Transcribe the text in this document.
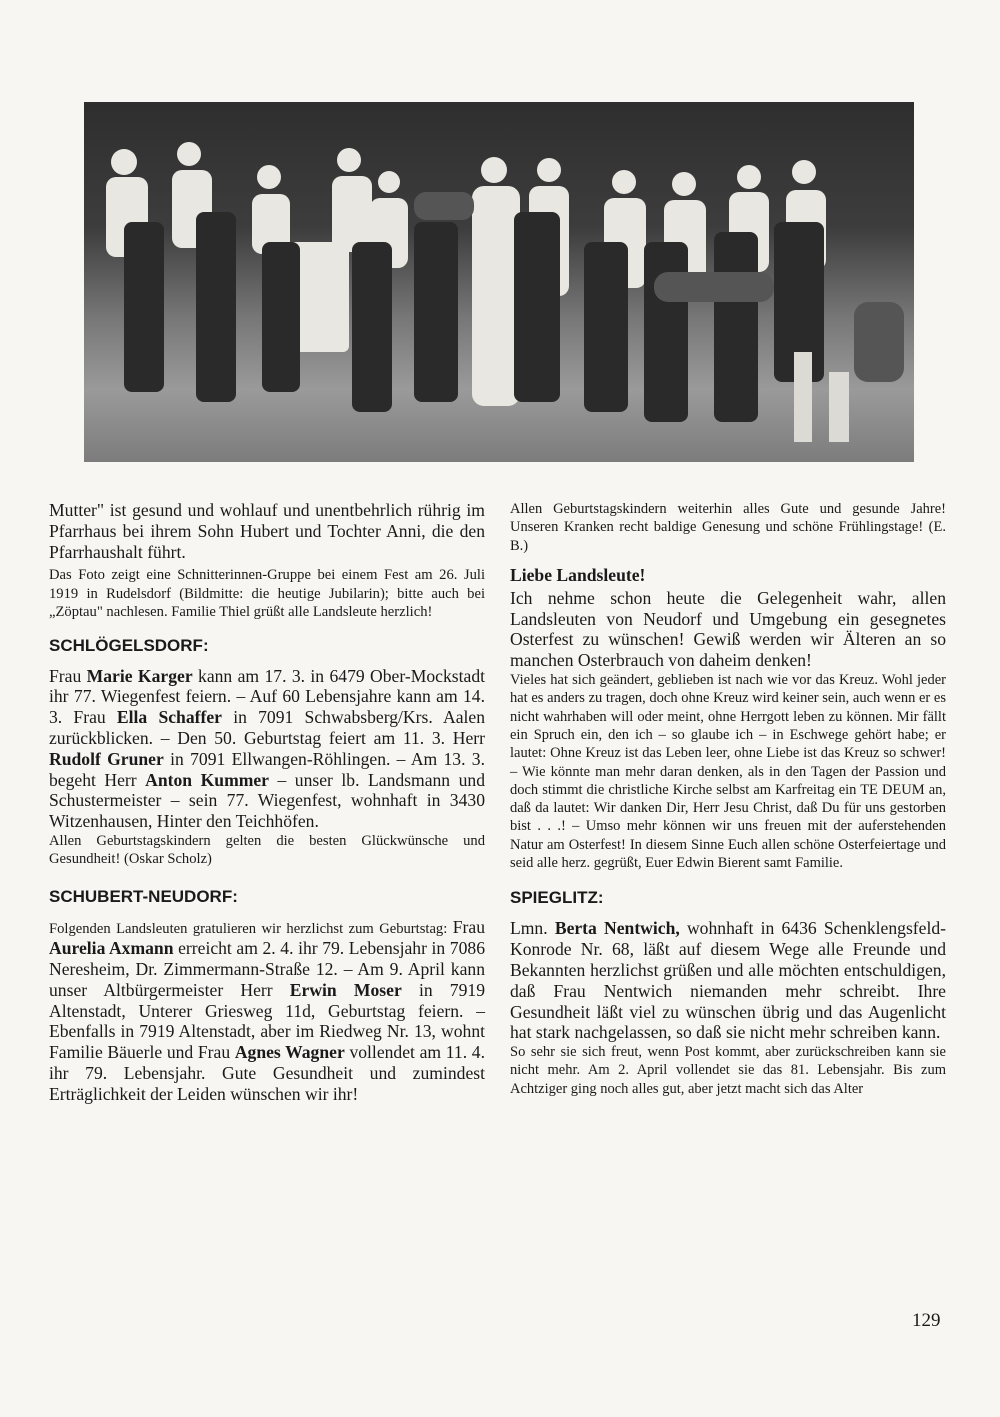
Mutter" ist gesund und wohlauf und unentbehrlich rührig im Pfarrhaus bei ihrem Sohn Hubert und Tochter Anni, die den Pfarrhaushalt führt.

Das Foto zeigt eine Schnitterinnen-Gruppe bei einem Fest am 26. Juli 1919 in Rudelsdorf (Bildmitte: die heutige Jubilarin); bitte auch bei „Zöptau" nachlesen. Familie Thiel grüßt alle Landsleute herzlich!

SCHLÖGELSDORF:

Frau Marie Karger kann am 17. 3. in 6479 Ober-Mockstadt ihr 77. Wiegenfest feiern. – Auf 60 Lebensjahre kann am 14. 3. Frau Ella Schaffer in 7091 Schwabsberg/Krs. Aalen zurückblicken. – Den 50. Geburtstag feiert am 11. 3. Herr Rudolf Gruner in 7091 Ellwangen-Röhlingen. – Am 13. 3. begeht Herr Anton Kummer – unser lb. Landsmann und Schustermeister – sein 77. Wiegenfest, wohnhaft in 3430 Witzenhausen, Hinter den Teichhöfen.

Allen Geburtstagskindern gelten die besten Glückwünsche und Gesundheit! (Oskar Scholz)

SCHUBERT-NEUDORF:

Folgenden Landsleuten gratulieren wir herzlichst zum Geburtstag: Frau Aurelia Axmann erreicht am 2. 4. ihr 79. Lebensjahr in 7086 Neresheim, Dr. Zimmermann-Straße 12. – Am 9. April kann unser Altbürgermeister Herr Erwin Moser in 7919 Altenstadt, Unterer Griesweg 11d, Geburtstag feiern. – Ebenfalls in 7919 Altenstadt, aber im Riedweg Nr. 13, wohnt Familie Bäuerle und Frau Agnes Wagner vollendet am 11. 4. ihr 79. Lebensjahr. Gute Gesundheit und zumindest Erträglichkeit der Leiden wünschen wir ihr!

Allen Geburtstagskindern weiterhin alles Gute und gesunde Jahre! Unseren Kranken recht baldige Genesung und schöne Frühlingstage! (E. B.)

Liebe Landsleute!

Ich nehme schon heute die Gelegenheit wahr, allen Landsleuten von Neudorf und Umgebung ein gesegnetes Osterfest zu wünschen! Gewiß werden wir Älteren an so manchen Osterbrauch von daheim denken!

Vieles hat sich geändert, geblieben ist nach wie vor das Kreuz. Wohl jeder hat es anders zu tragen, doch ohne Kreuz wird keiner sein, auch wenn er es nicht wahrhaben will oder meint, ohne Herrgott leben zu können. Mir fällt ein Spruch ein, den ich – so glaube ich – in Eschwege gehört habe; er lautet: Ohne Kreuz ist das Leben leer, ohne Liebe ist das Kreuz so schwer! – Wie könnte man mehr daran denken, als in den Tagen der Passion und doch stimmt die christliche Kirche selbst am Karfreitag ein TE DEUM an, daß da lautet: Wir danken Dir, Herr Jesu Christ, daß Du für uns gestorben bist . . .! – Umso mehr können wir uns freuen mit der auferstehenden Natur am Osterfest! In diesem Sinne Euch allen schöne Osterfeiertage und seid alle herz. gegrüßt, Euer Edwin Bierent samt Familie.

SPIEGLITZ:

Lmn. Berta Nentwich, wohnhaft in 6436 Schenklengsfeld-Konrode Nr. 68, läßt auf diesem Wege alle Freunde und Bekannten herzlichst grüßen und alle möchten entschuldigen, daß Frau Nentwich niemanden mehr schreibt. Ihre Gesundheit läßt viel zu wünschen übrig und das Augenlicht hat stark nachgelassen, so daß sie nicht mehr schreiben kann.

So sehr sie sich freut, wenn Post kommt, aber zurückschreiben kann sie nicht mehr. Am 2. April vollendet sie das 81. Lebensjahr. Bis zum Achtziger ging noch alles gut, aber jetzt macht sich das Alter

129
